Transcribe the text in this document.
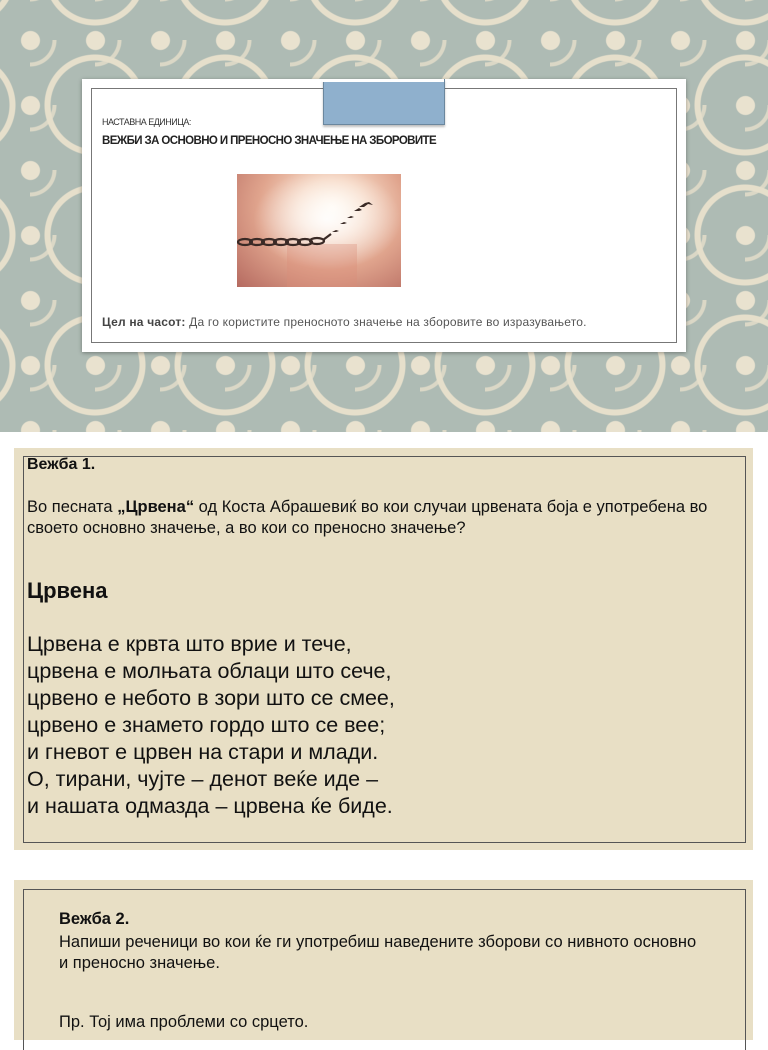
НАСТАВНА ЕДИНИЦА:
ВЕЖБИ ЗА ОСНОВНО И ПРЕНОСНО ЗНАЧЕЊЕ НА ЗБОРОВИТЕ
Цел на часот: Да го користите преносното значење на зборовите во изразувањето.
Вежба 1.
Во песната „Црвена“ од Коста Абрашевиќ во кои случаи црвената боја е употребена во своето основно значење, а во кои со преносно значење?
Црвена
Црвена е крвта што врие и тече,
црвена е молњата облаци што сече,
црвено е небото в зори што се смее,
црвено е знамето гордо што се вее;
и гневот е црвен на стари и млади.
О, тирани, чујте – денот веќе иде –
и нашата одмазда – црвена ќе биде.
Вежба 2.
Напиши реченици во кои ќе ги употребиш наведените зборови со нивното основно и преносно значење.
Пр. Тој има проблеми со срцето.
